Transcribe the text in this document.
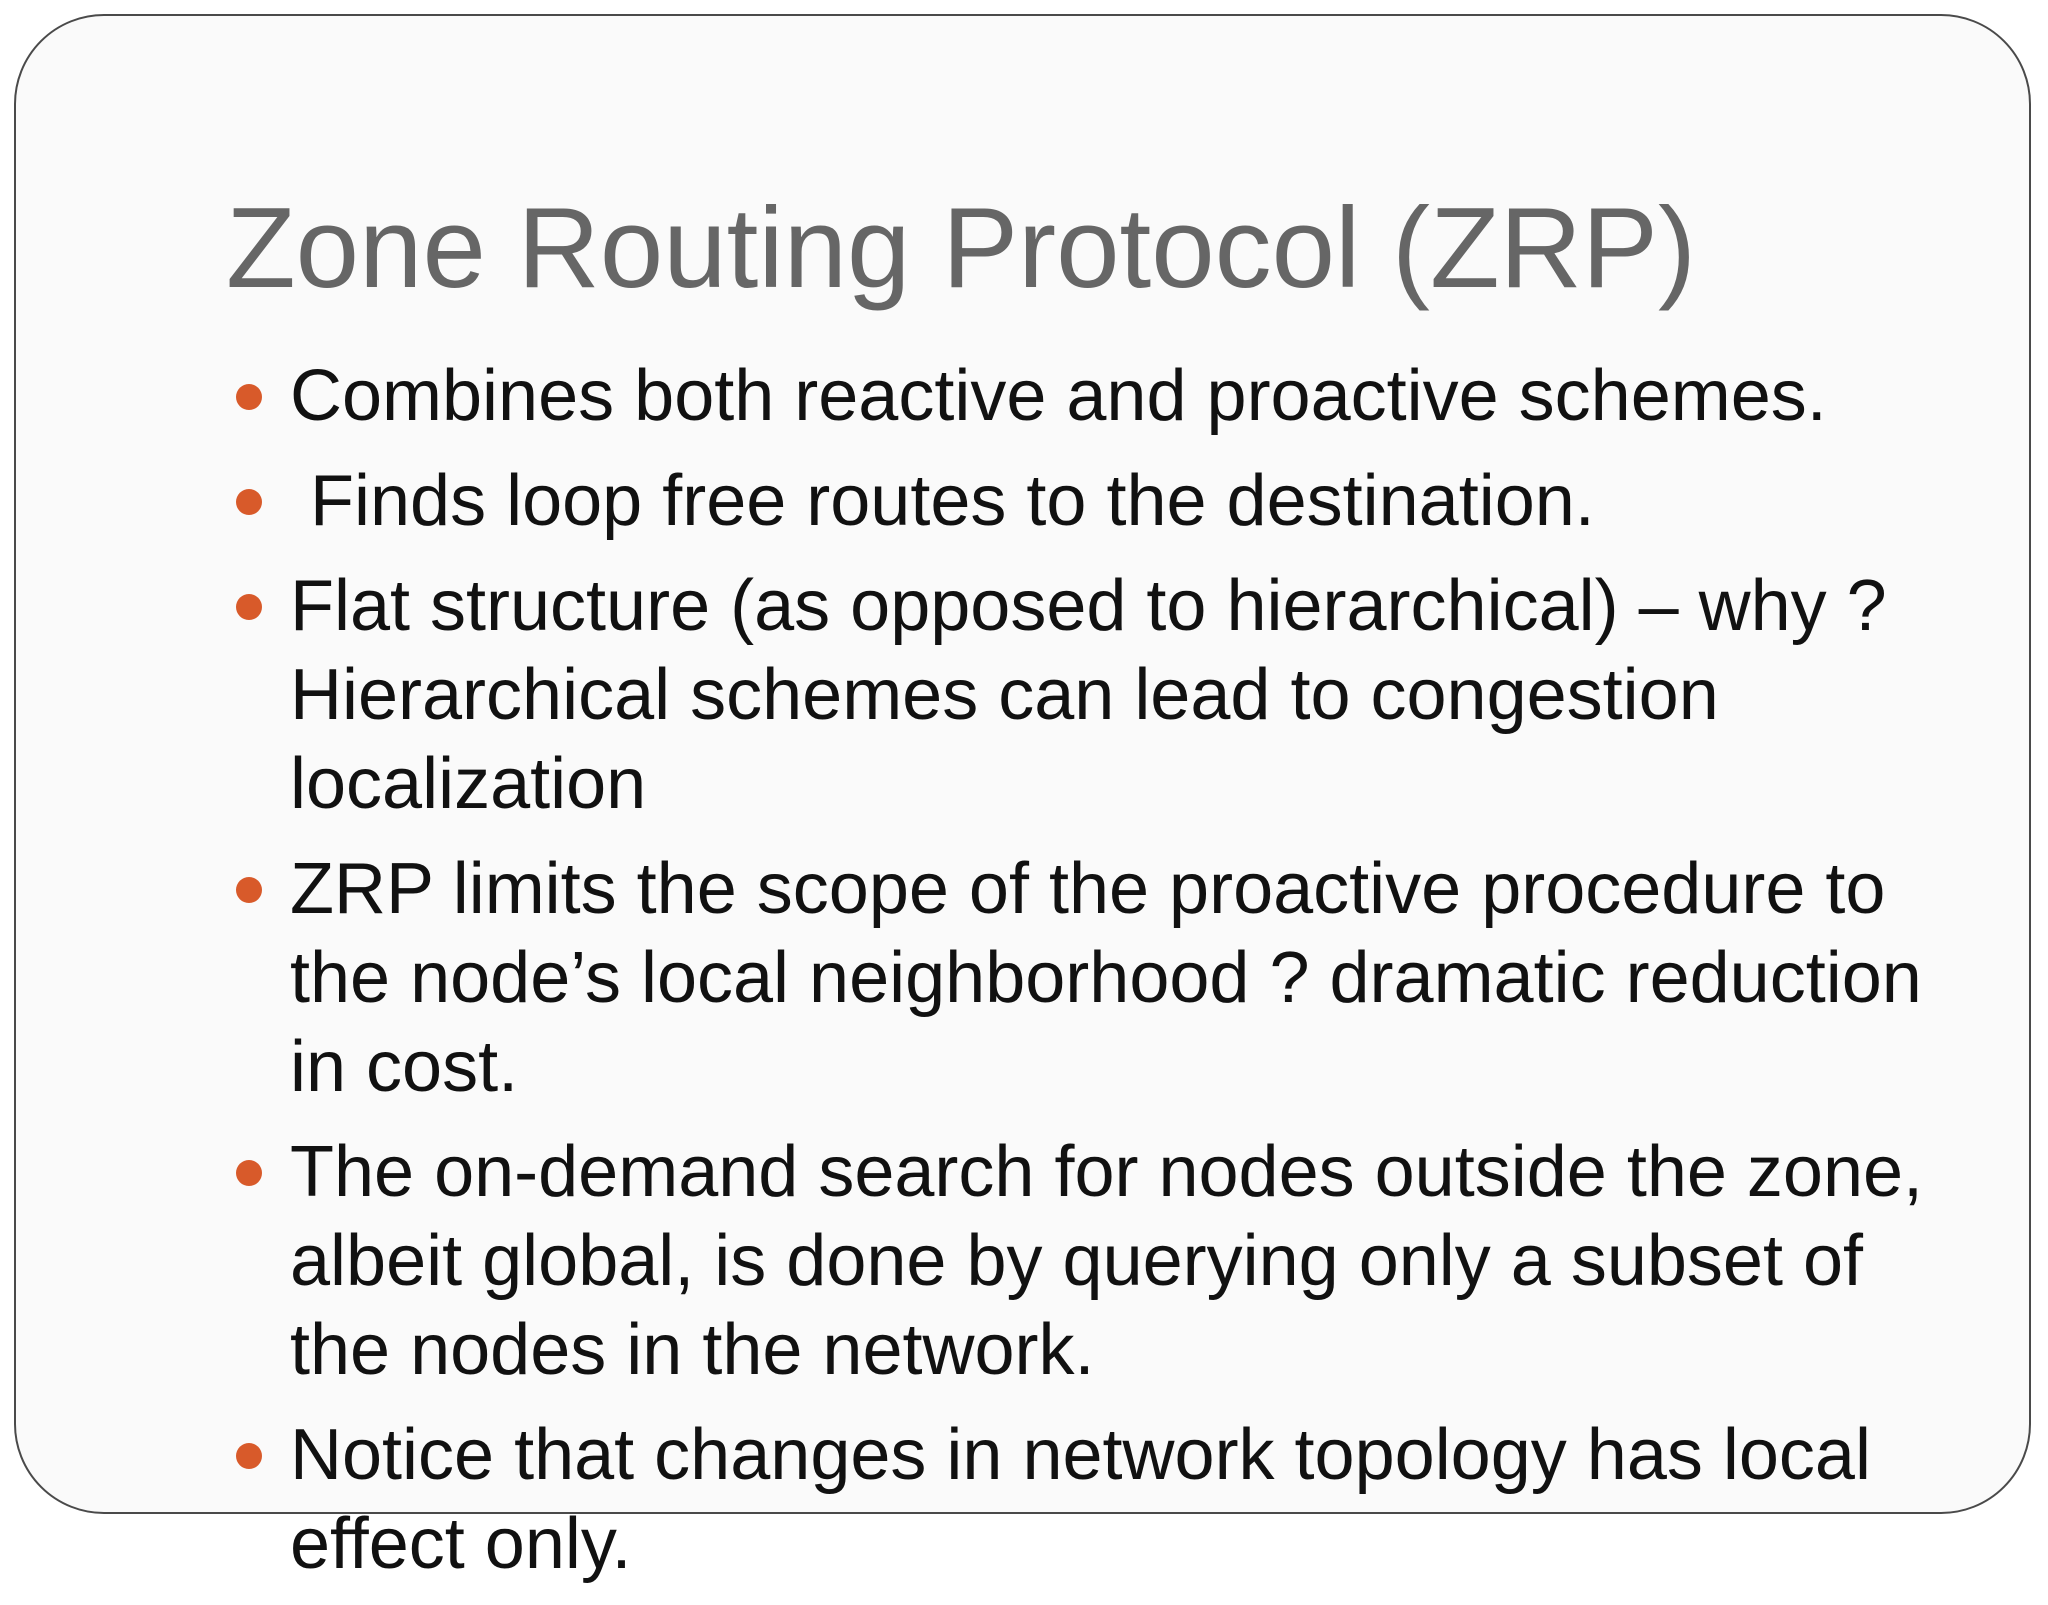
Zone Routing Protocol (ZRP)
Combines both reactive and proactive schemes.
Finds loop free routes to the destination.
Flat structure (as opposed to hierarchical) – why ? Hierarchical schemes can lead to congestion localization
ZRP limits the scope of the proactive procedure to the node’s local neighborhood ? dramatic reduction in cost.
The on-demand search for nodes outside the zone, albeit global, is done by querying only a subset of the nodes in the network.
Notice that changes in network topology has local effect only.
